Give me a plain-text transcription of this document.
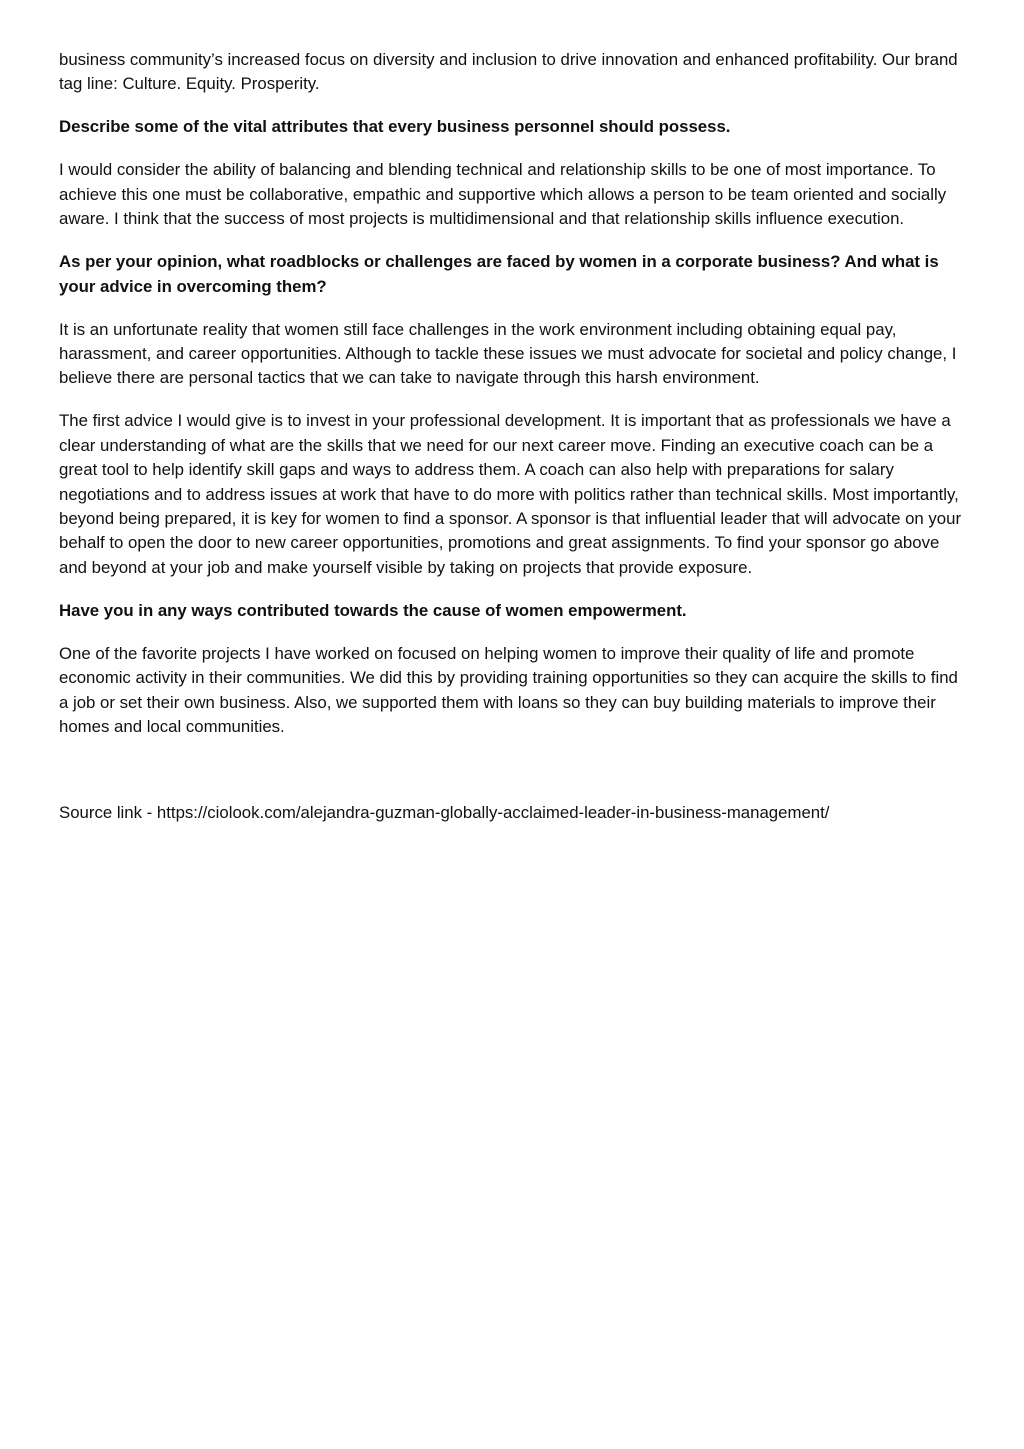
business community’s increased focus on diversity and inclusion to drive innovation and enhanced profitability. Our brand tag line: Culture. Equity. Prosperity.

Describe some of the vital attributes that every business personnel should possess.

I would consider the ability of balancing and blending technical and relationship skills to be one of most importance. To achieve this one must be collaborative, empathic and supportive which allows a person to be team oriented and socially aware. I think that the success of most projects is multidimensional and that relationship skills influence execution.

As per your opinion, what roadblocks or challenges are faced by women in a corporate business? And what is your advice in overcoming them?

It is an unfortunate reality that women still face challenges in the work environment including obtaining equal pay, harassment, and career opportunities. Although to tackle these issues we must advocate for societal and policy change, I believe there are personal tactics that we can take to navigate through this harsh environment.

The first advice I would give is to invest in your professional development. It is important that as professionals we have a clear understanding of what are the skills that we need for our next career move. Finding an executive coach can be a great tool to help identify skill gaps and ways to address them. A coach can also help with preparations for salary negotiations and to address issues at work that have to do more with politics rather than technical skills. Most importantly, beyond being prepared, it is key for women to find a sponsor. A sponsor is that influential leader that will advocate on your behalf to open the door to new career opportunities, promotions and great assignments. To find your sponsor go above and beyond at your job and make yourself visible by taking on projects that provide exposure.

Have you in any ways contributed towards the cause of women empowerment.

One of the favorite projects I have worked on focused on helping women to improve their quality of life and promote economic activity in their communities. We did this by providing training opportunities so they can acquire the skills to find a job or set their own business. Also, we supported them with loans so they can buy building materials to improve their homes and local communities.

Source link - https://ciolook.com/alejandra-guzman-globally-acclaimed-leader-in-business-management/
